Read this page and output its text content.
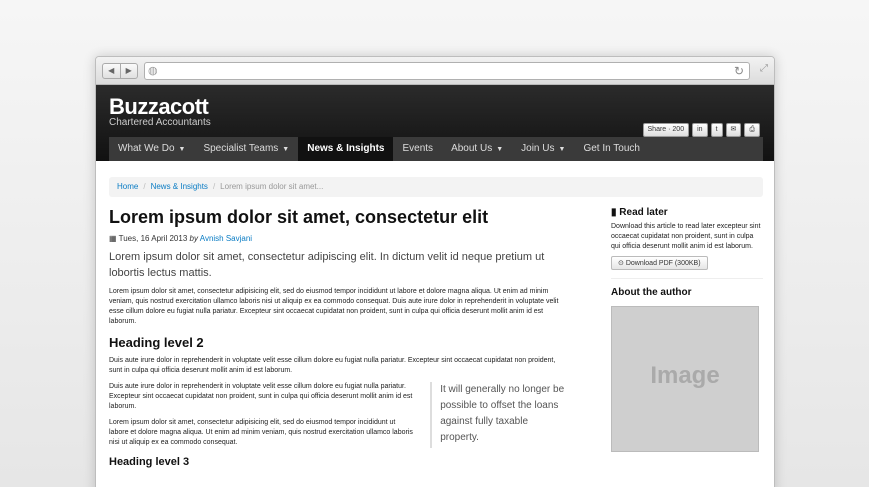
◀	▶	◍	↻ ⤢
Buzzacott
Chartered Accountants
Share · 200	in	t	✉	⎙
e.g. Financial Services
What We Do ▼	Specialist Teams ▼	News & Insights	Events	About Us ▼	Join Us ▼	Get In Touch
Home / News & Insights / Lorem ipsum dolor sit amet...
Lorem ipsum dolor sit amet, consectetur elit
▦ Tues, 16 April 2013 by Avnish Savjani
Lorem ipsum dolor sit amet, consectetur adipiscing elit. In dictum velit id neque pretium ut lobortis lectus mattis.
Lorem ipsum dolor sit amet, consectetur adipisicing elit, sed do eiusmod tempor incididunt ut labore et dolore magna aliqua. Ut enim ad minim veniam, quis nostrud exercitation ullamco laboris nisi ut aliquip ex ea commodo consequat. Duis aute irure dolor in reprehenderit in voluptate velit esse cillum dolore eu fugiat nulla pariatur. Excepteur sint occaecat cupidatat non proident, sunt in culpa qui officia deserunt mollit anim id est laborum.
Heading level 2
Duis aute irure dolor in reprehenderit in voluptate velit esse cillum dolore eu fugiat nulla pariatur. Excepteur sint occaecat cupidatat non proident, sunt in culpa qui officia deserunt mollit anim id est laborum.
Duis aute irure dolor in reprehenderit in voluptate velit esse cillum dolore eu fugiat nulla pariatur. Excepteur sint occaecat cupidatat non proident, sunt in culpa qui officia deserunt mollit anim id est laborum.
Lorem ipsum dolor sit amet, consectetur adipisicing elit, sed do eiusmod tempor incididunt ut labore et dolore magna aliqua. Ut enim ad minim veniam, quis nostrud exercitation ullamco laboris nisi ut aliquip ex ea commodo consequat.
It will generally no longer be possible to offset the loans against fully taxable property.
Heading level 3
▮ Read later
Download this article to read later excepteur sint occaecat cupidatat non proident, sunt in culpa qui officia deserunt mollit anim id est laborum.
⊙ Download PDF (300KB)
About the author
Image
